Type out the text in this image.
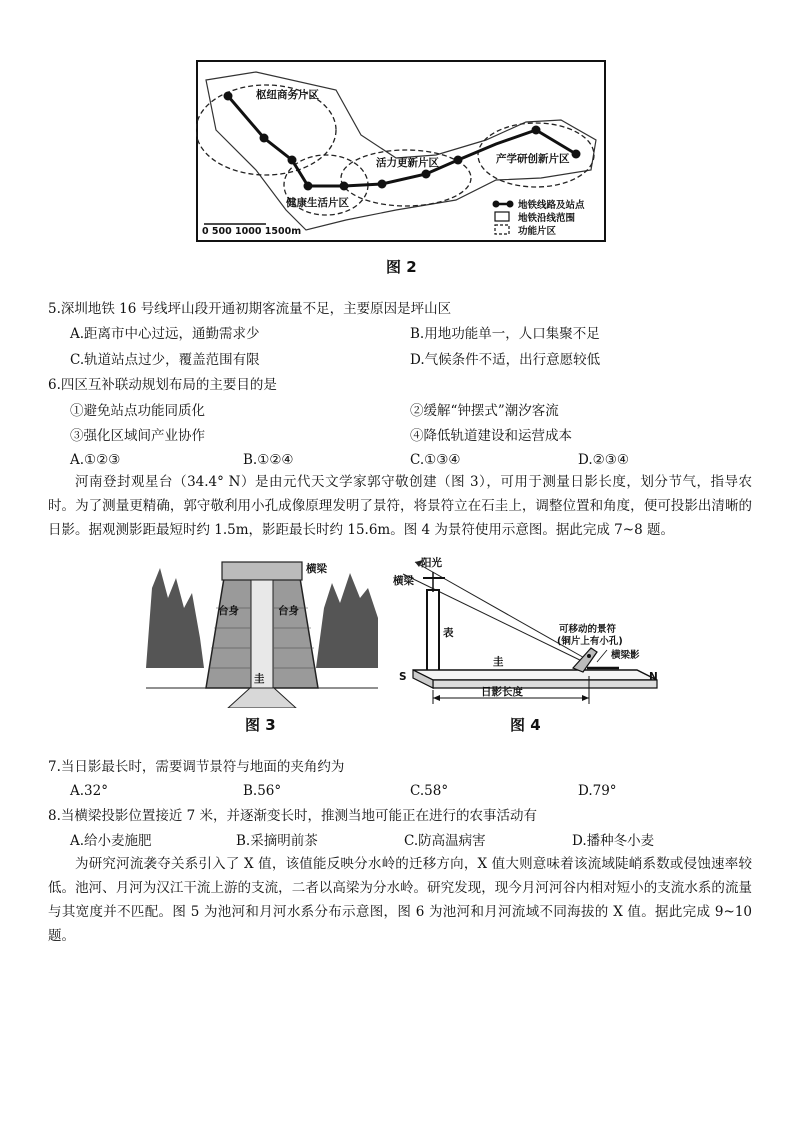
枢纽商务片区
活力更新片区	产学研创新片区
健康生活片区
0 500 1000 1500m
地铁线路及站点
地铁沿线范围
功能片区
图 2
5.深圳地铁 16 号线坪山段开通初期客流量不足，主要原因是坪山区
A.距离市中心过远，通勤需求少	B.用地功能单一，人口集聚不足
C.轨道站点过少，覆盖范围有限	D.气候条件不适，出行意愿较低
6.四区互补联动规划布局的主要目的是
①避免站点功能同质化	②缓解“钟摆式”潮汐客流
③强化区域间产业协作	④降低轨道建设和运营成本
A.①②③	B.①②④	C.①③④	D.②③④
河南登封观星台（34.4° N）是由元代天文学家郭守敬创建（图 3），可用于测量日影长度，划分节气，指导农时。为了测量更精确，郭守敬利用小孔成像原理发明了景符，将景符立在石圭上，调整位置和角度，便可投影出清晰的日影。据观测影距最短时约 1.5m，影距最长时约 15.6m。图 4 为景符使用示意图。据此完成 7~8 题。
横梁
台身	台身
圭
图 3
阳光
横梁
表
圭
可移动的景符
(铜片上有小孔)
横梁影
S	N
日影长度
图 4
7.当日影最长时，需要调节景符与地面的夹角约为
A.32°	B.56°	C.58°	D.79°
8.当横梁投影位置接近 7 米，并逐渐变长时，推测当地可能正在进行的农事活动有
A.给小麦施肥	B.采摘明前茶	C.防高温病害	D.播种冬小麦
为研究河流袭夺关系引入了 X 值，该值能反映分水岭的迁移方向，X 值大则意味着该流域陡峭系数或侵蚀速率较低。池河、月河为汉江干流上游的支流，二者以高梁为分水岭。研究发现，现今月河河谷内相对短小的支流水系的流量与其宽度并不匹配。图 5 为池河和月河水系分布示意图，图 6 为池河和月河流域不同海拔的 X 值。据此完成 9~10 题。
